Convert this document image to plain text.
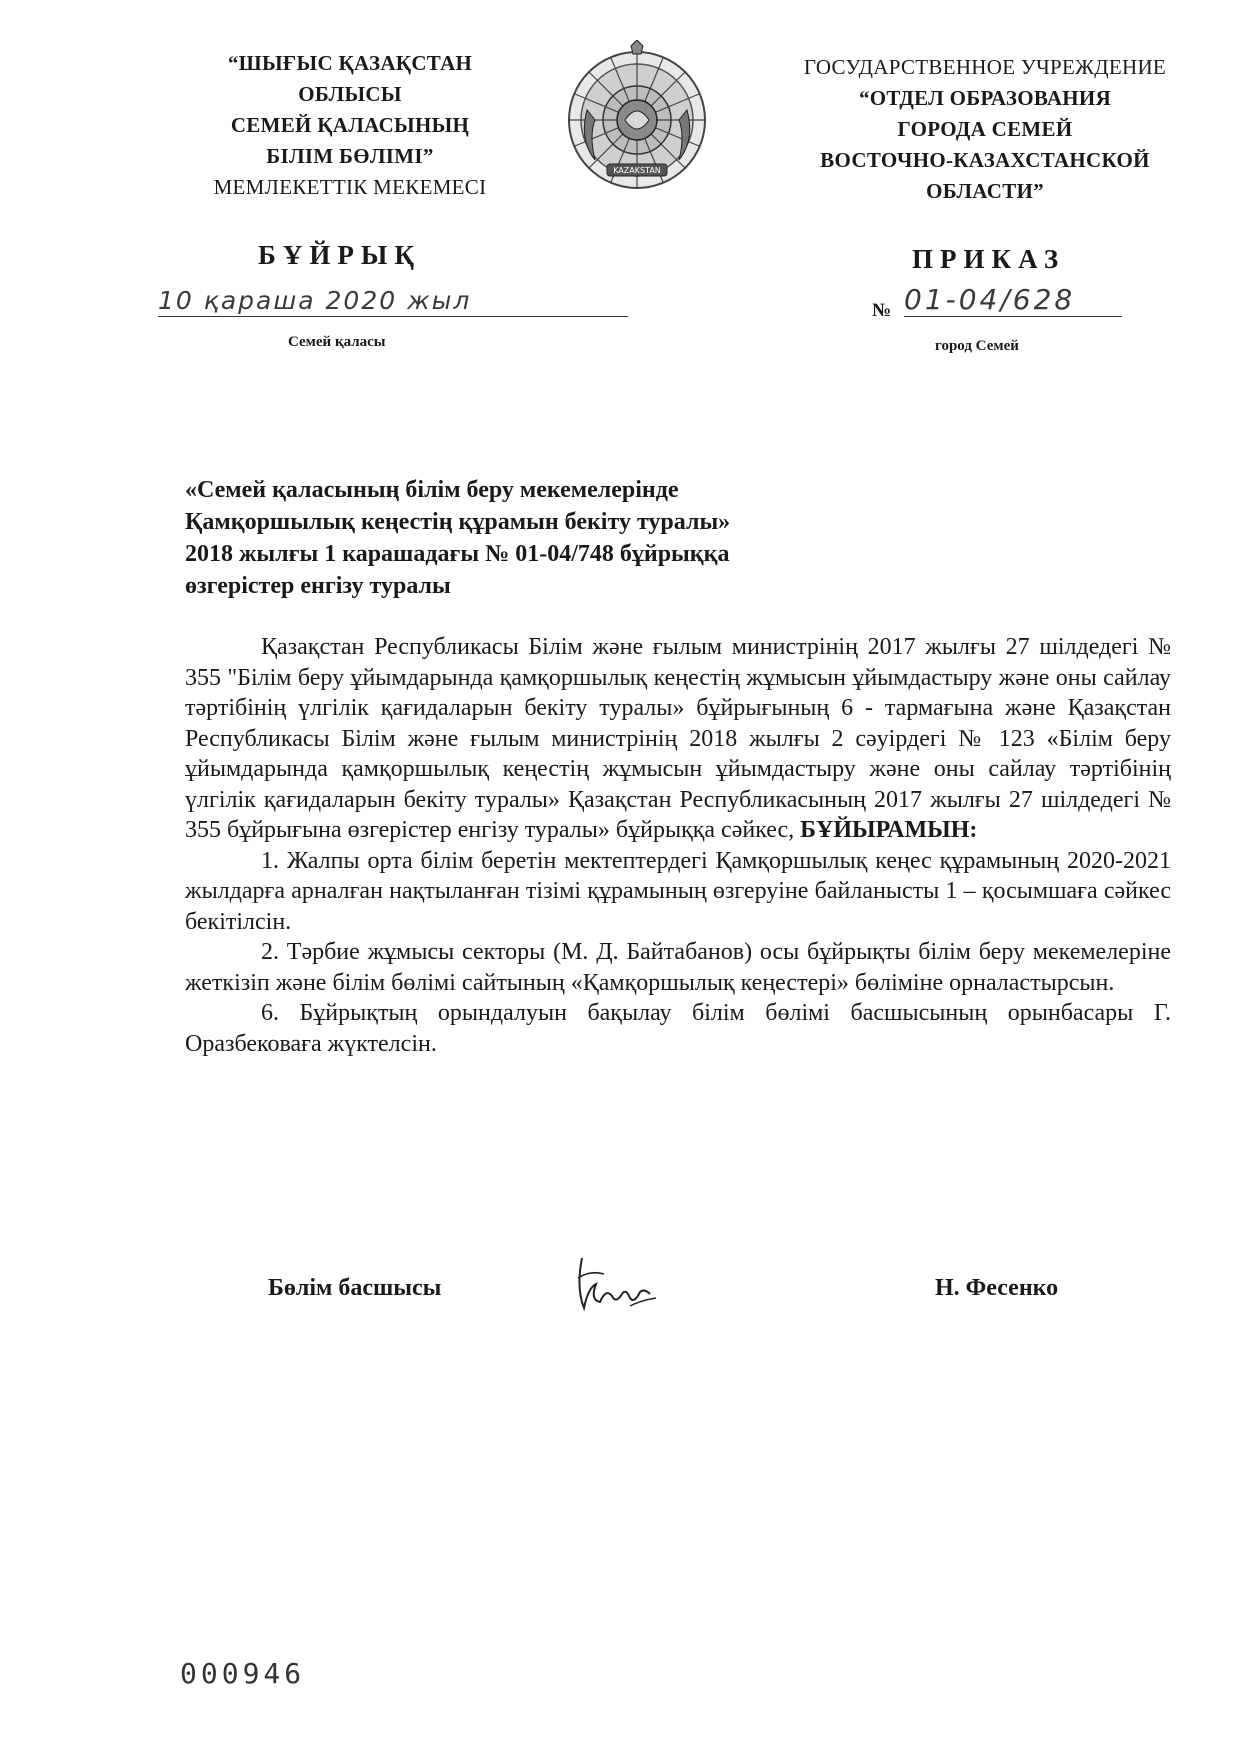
“ШЫҒЫС ҚАЗАҚСТАН
ОБЛЫСЫ
СЕМЕЙ ҚАЛАСЫНЫҢ
БІЛІМ БӨЛІМІ”
МЕМЛЕКЕТТІК МЕКЕМЕСІ
KAZAKSTAN
ГОСУДАРСТВЕННОЕ УЧРЕЖДЕНИЕ
“ОТДЕЛ ОБРАЗОВАНИЯ
ГОРОДА СЕМЕЙ
ВОСТОЧНО-КАЗАХСТАНСКОЙ
ОБЛАСТИ”
БҰЙРЫҚ	ПРИКАЗ
10 қараша 2020 жыл	№ 01-04/628
Семей қаласы	город Семей
«Семей қаласының білім беру мекемелерінде
Қамқоршылық кеңестің құрамын бекіту туралы»
2018 жылғы 1 карашадағы № 01-04/748 бұйрыққа
өзгерістер енгізу туралы

Қазақстан Республикасы Білім және ғылым министрінің 2017 жылғы 27 шілдедегі № 355 "Білім беру ұйымдарында қамқоршылық кеңестің жұмысын ұйымдастыру және оны сайлау тәртібінің үлгілік қағидаларын бекіту туралы» бұйрығының 6 - тармағына және Қазақстан Республикасы Білім және ғылым министрінің 2018 жылғы 2 сәуірдегі № 123 «Білім беру ұйымдарында қамқоршылық кеңестің жұмысын ұйымдастыру және оны сайлау тәртібінің үлгілік қағидаларын бекіту туралы» Қазақстан Республикасының 2017 жылғы 27 шілдедегі № 355 бұйрығына өзгерістер енгізу туралы» бұйрыққа сәйкес, БҰЙЫРАМЫН:

1. Жалпы орта білім беретін мектептердегі Қамқоршылық кеңес құрамының 2020-2021 жылдарға арналған нақтыланған тізімі құрамының өзгеруіне байланысты 1 – қосымшаға сәйкес бекітілсін.

2. Тәрбие жұмысы секторы (М. Д. Байтабанов) осы бұйрықты білім беру мекемелеріне жеткізіп және білім бөлімі сайтының «Қамқоршылық кеңестері» бөліміне орналастырсын.

6. Бұйрықтың орындалуын бақылау білім бөлімі басшысының орынбасары Г. Оразбековаға жүктелсін.

Бөлім басшысы	Н. Фесенко
000946
